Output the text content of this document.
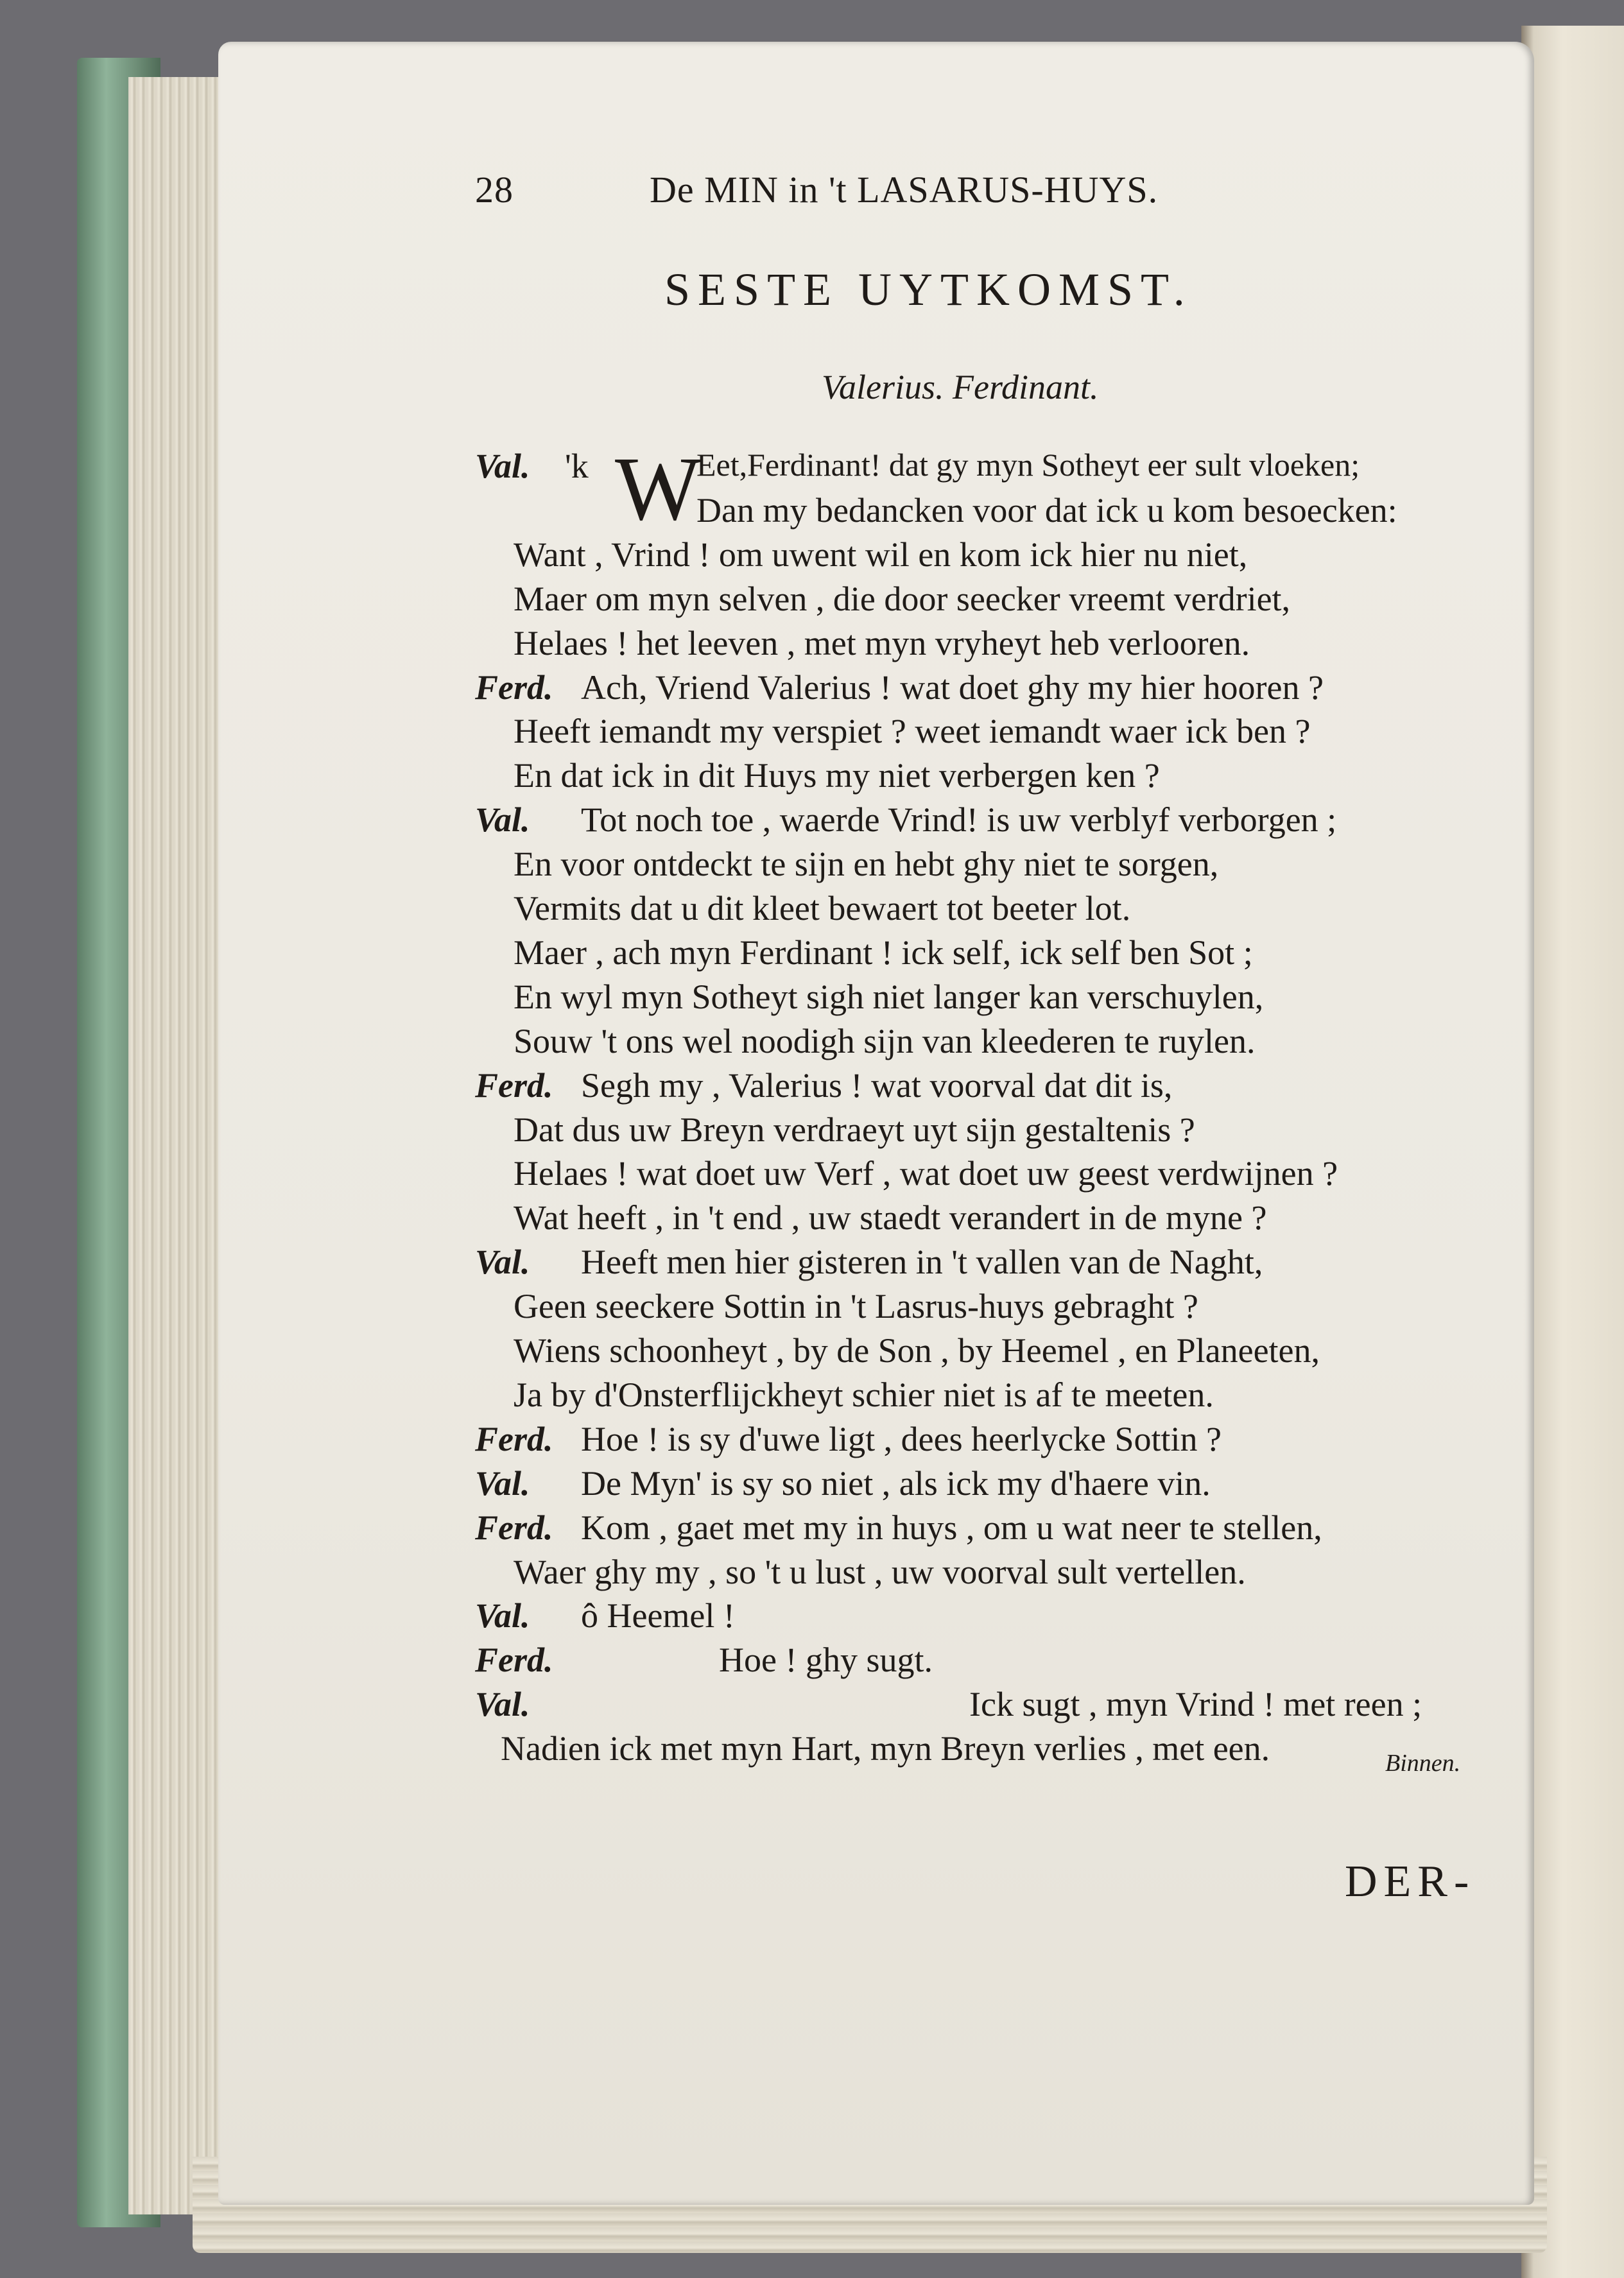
28	De MIN in 't LASARUS-HUYS.
SESTE UYTKOMST.
Valerius. Ferdinant.
W
Val. 'k	Eet,Ferdinant! dat gy myn Sotheyt eer sult vloeken;
Dan my bedancken voor dat ick u kom besoecken:
Want , Vrind ! om uwent wil en kom ick hier nu niet,
Maer om myn selven , die door seecker vreemt verdriet,
Helaes ! het leeven , met myn vryheyt heb verlooren.
Ferd. Ach, Vriend Valerius ! wat doet ghy my hier hooren ?
Heeft iemandt my verspiet ? weet iemandt waer ick ben ?
En dat ick in dit Huys my niet verbergen ken ?
Val. Tot noch toe , waerde Vrind! is uw verblyf verborgen ;
En voor ontdeckt te sijn en hebt ghy niet te sorgen,
Vermits dat u dit kleet bewaert tot beeter lot.
Maer , ach myn Ferdinant ! ick self, ick self ben Sot ;
En wyl myn Sotheyt sigh niet langer kan verschuylen,
Souw 't ons wel noodigh sijn van kleederen te ruylen.
Ferd. Segh my , Valerius ! wat voorval dat dit is,
Dat dus uw Breyn verdraeyt uyt sijn gestaltenis ?
Helaes ! wat doet uw Verf , wat doet uw geest verdwijnen ?
Wat heeft , in 't end , uw staedt verandert in de myne ?
Val. Heeft men hier gisteren in 't vallen van de Naght,
Geen seeckere Sottin in 't Lasrus-huys gebraght ?
Wiens schoonheyt , by de Son , by Heemel , en Planeeten,
Ja by d'Onsterflijckheyt schier niet is af te meeten.
Ferd. Hoe ! is sy d'uwe ligt , dees heerlycke Sottin ?
Val. De Myn' is sy so niet , als ick my d'haere vin.
Ferd. Kom , gaet met my in huys , om u wat neer te stellen,
Waer ghy my , so 't u lust , uw voorval sult vertellen.
Val. ô Heemel !
Ferd.	Hoe ! ghy sugt.
Val.	Ick sugt , myn Vrind ! met reen ;
Nadien ick met myn Hart, myn Breyn verlies , met een.	Binnen.
DER-
